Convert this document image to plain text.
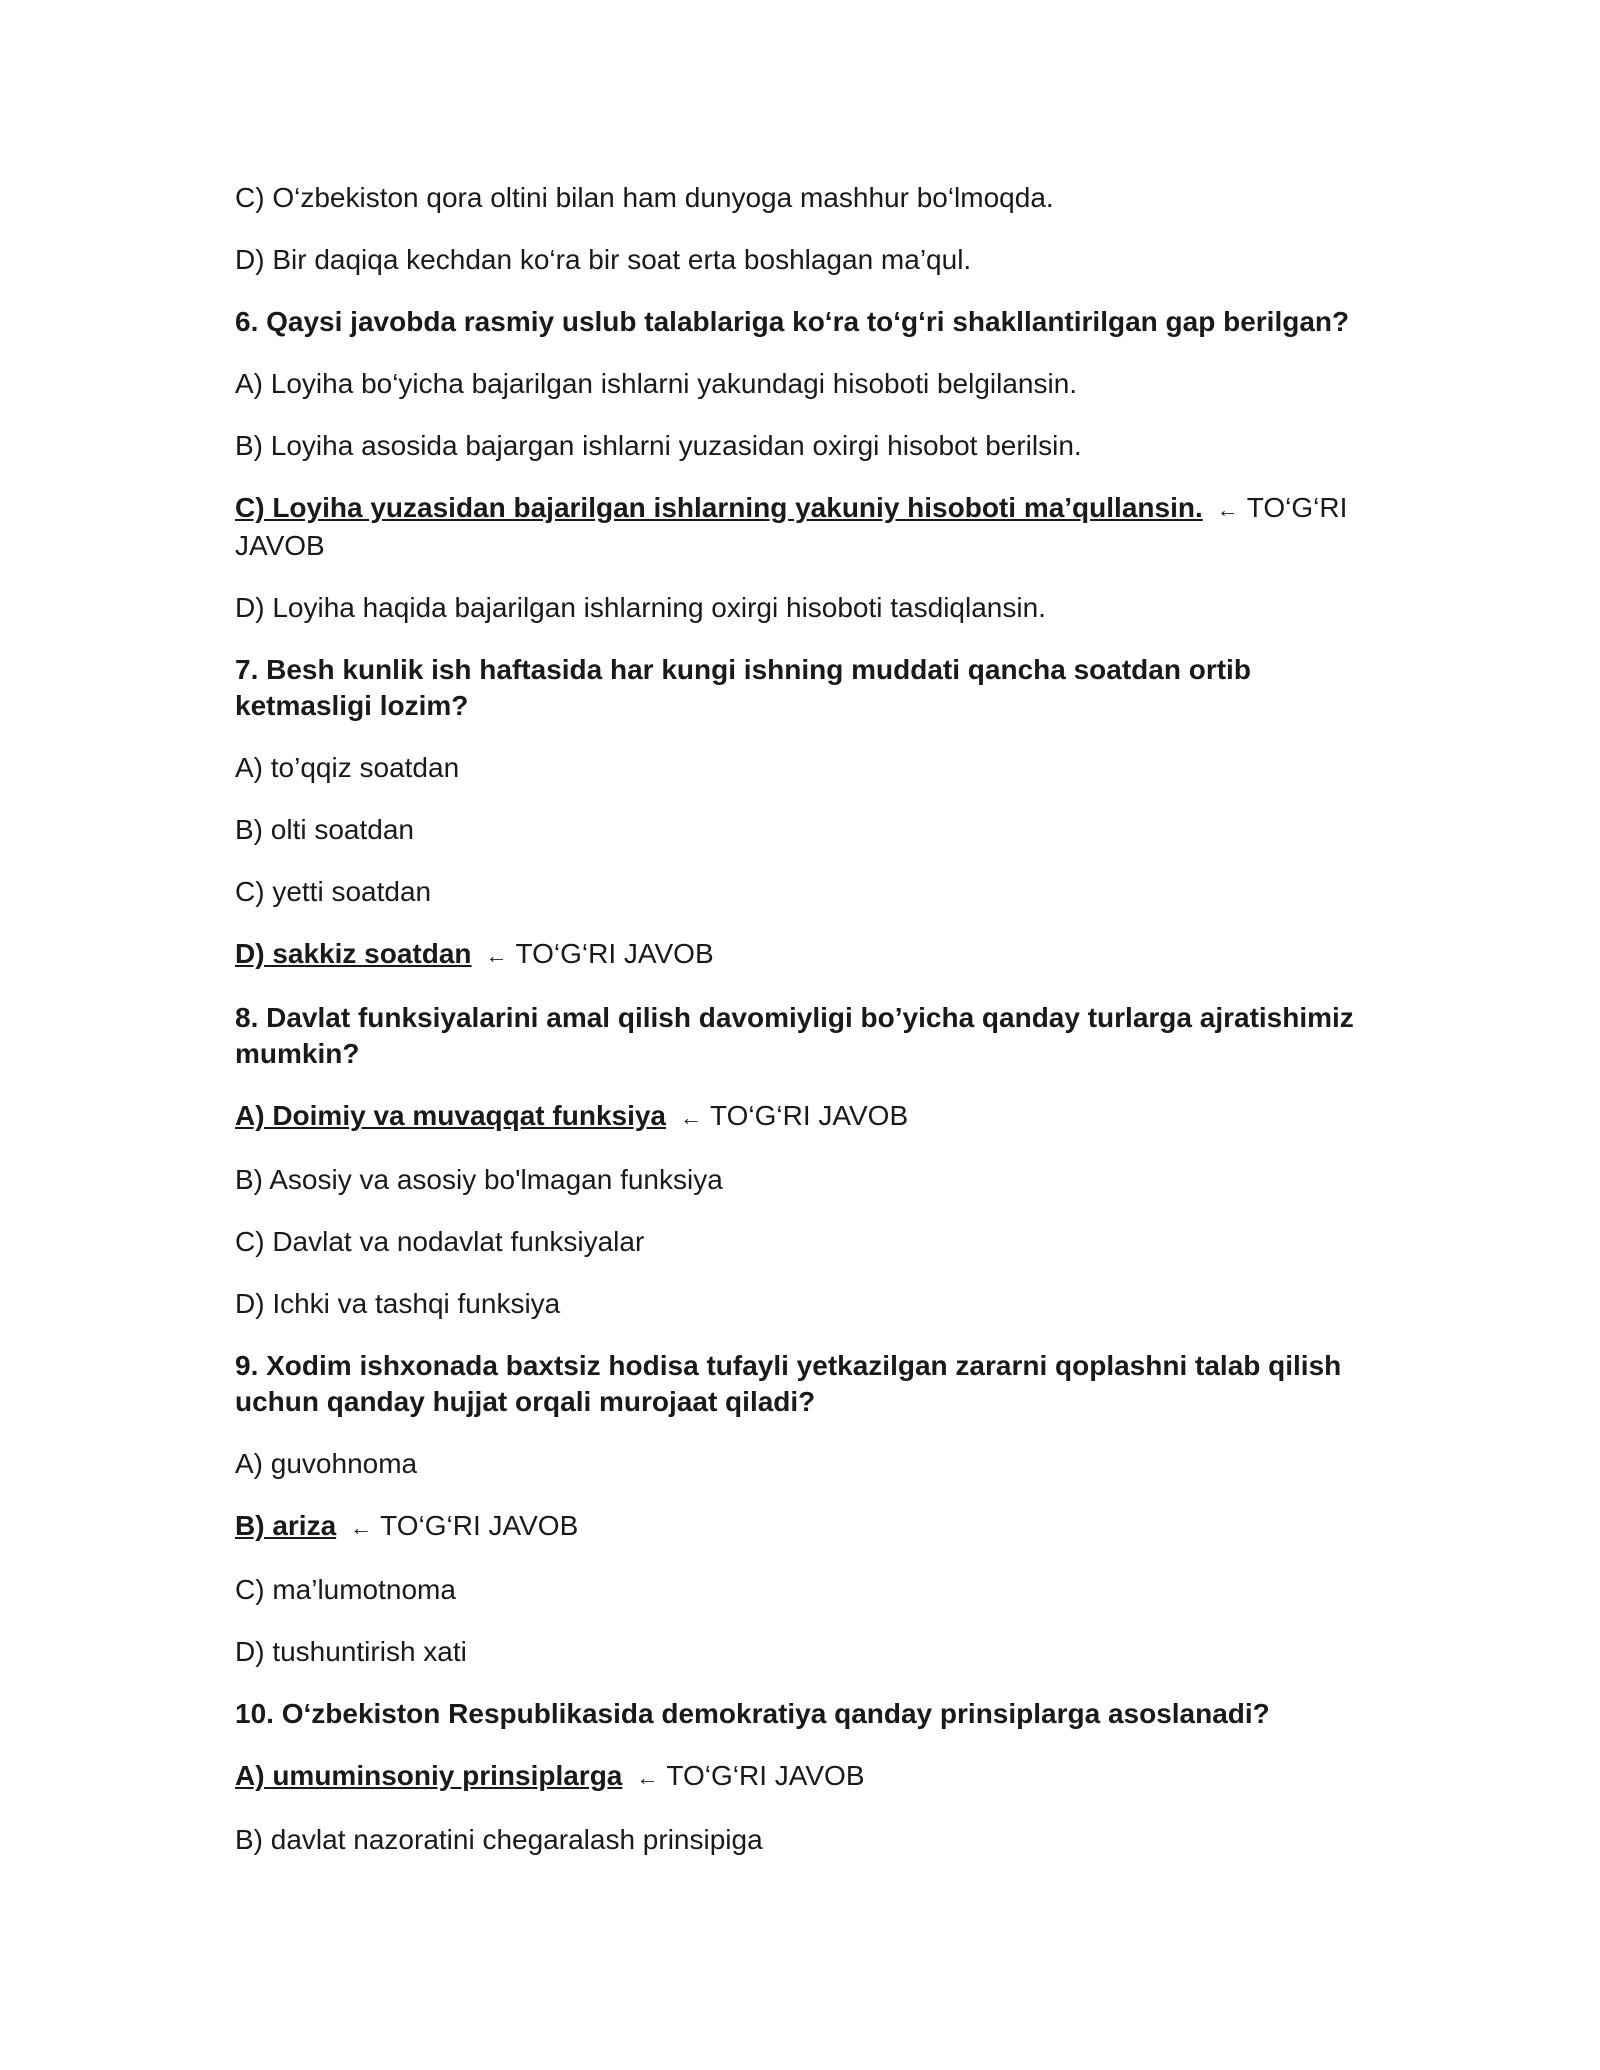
C) O‘zbekiston qora oltini bilan ham dunyoga mashhur bo‘lmoqda.

D) Bir daqiqa kechdan ko‘ra bir soat erta boshlagan ma’qul.

6. Qaysi javobda rasmiy uslub talablariga ko‘ra to‘g‘ri shakllantirilgan gap berilgan?

A) Loyiha bo‘yicha bajarilgan ishlarni yakundagi hisoboti belgilansin.

B) Loyiha asosida bajargan ishlarni yuzasidan oxirgi hisobot berilsin.

C) Loyiha yuzasidan bajarilgan ishlarning yakuniy hisoboti ma’qullansin. ← TO‘G‘RI JAVOB

D) Loyiha haqida bajarilgan ishlarning oxirgi hisoboti tasdiqlansin.

7. Besh kunlik ish haftasida har kungi ishning muddati qancha soatdan ortib ketmasligi lozim?

A) to’qqiz soatdan

B) olti soatdan

C) yetti soatdan

D) sakkiz soatdan ← TO‘G‘RI JAVOB

8. Davlat funksiyalarini amal qilish davomiyligi bo’yicha qanday turlarga ajratishimiz mumkin?

A) Doimiy va muvaqqat funksiya ← TO‘G‘RI JAVOB

B) Asosiy va asosiy bo'lmagan funksiya

C) Davlat va nodavlat funksiyalar

D) Ichki va tashqi funksiya

9. Xodim ishxonada baxtsiz hodisa tufayli yetkazilgan zararni qoplashni talab qilish uchun qanday hujjat orqali murojaat qiladi?

A) guvohnoma

B) ariza ← TO‘G‘RI JAVOB

C) ma’lumotnoma

D) tushuntirish xati

10. O‘zbekiston Respublikasida demokratiya qanday prinsiplarga asoslanadi?

A) umuminsoniy prinsiplarga ← TO‘G‘RI JAVOB

B) davlat nazoratini chegaralash prinsipiga
